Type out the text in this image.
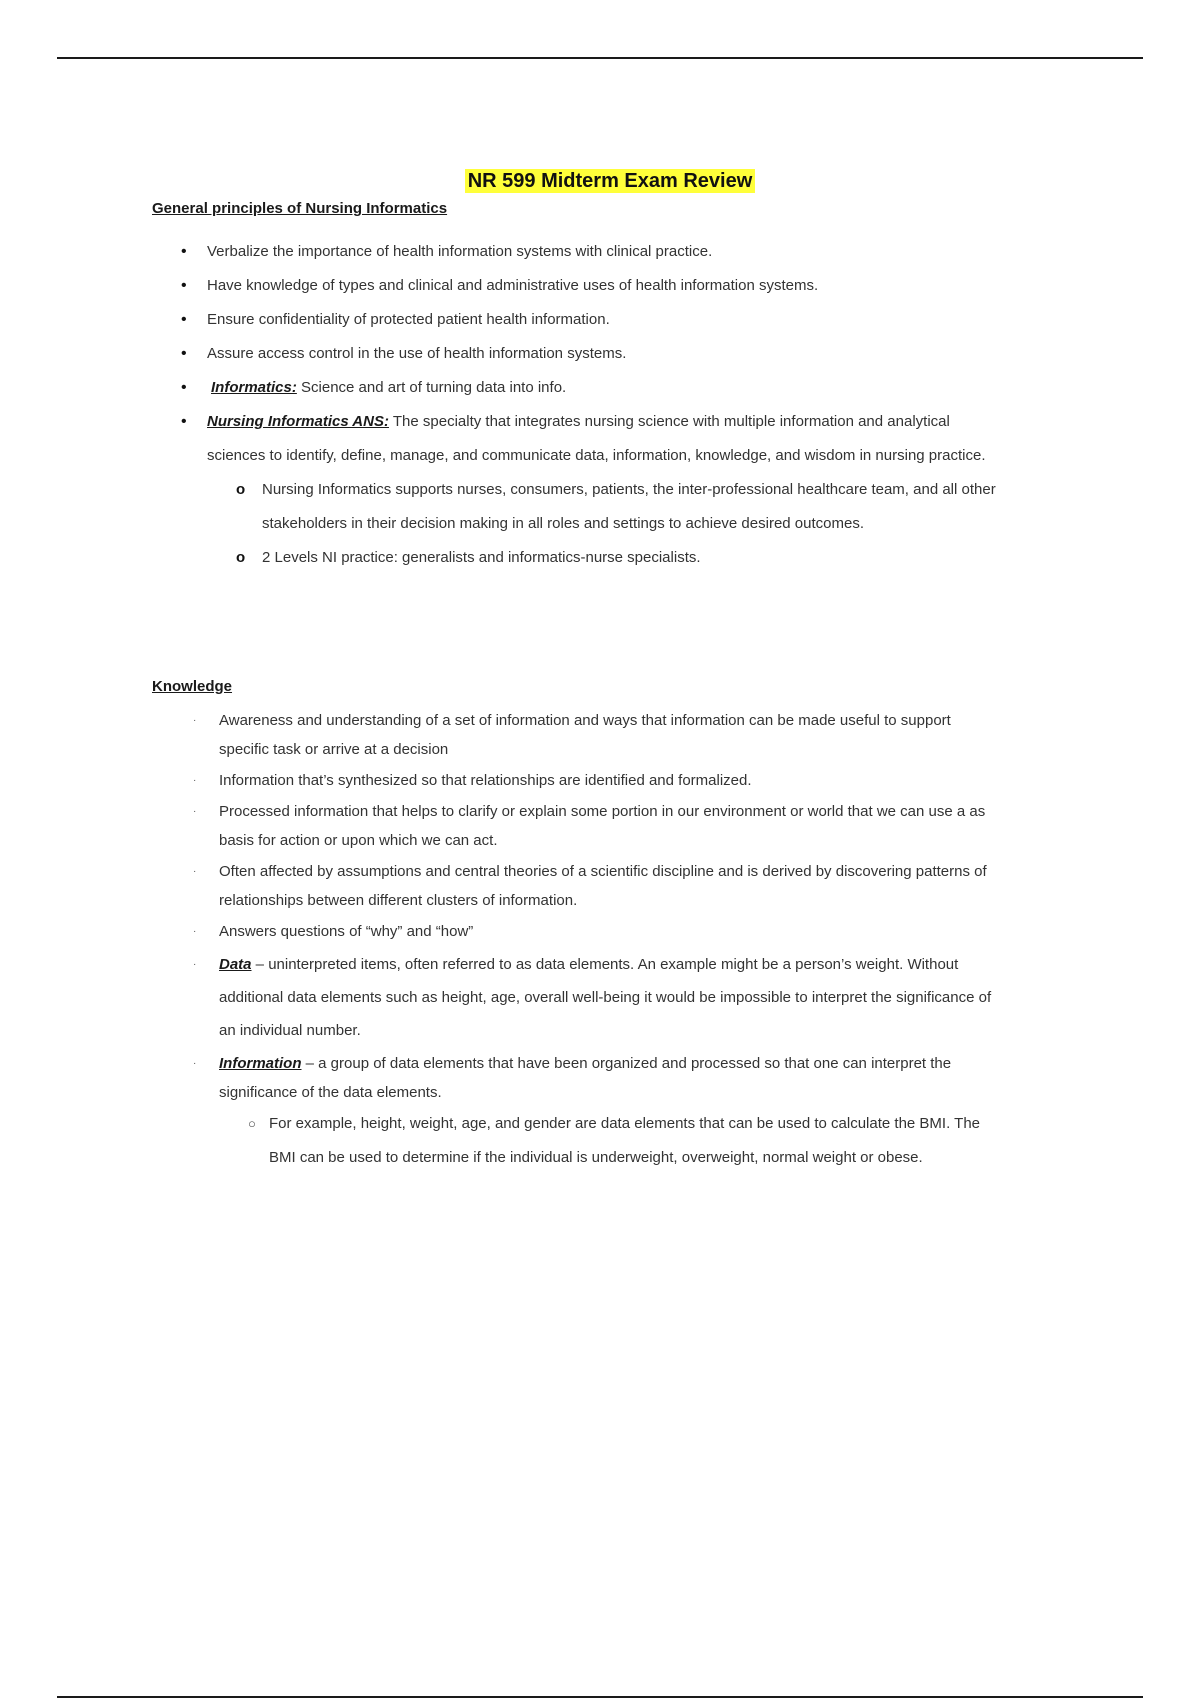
NR 599 Midterm Exam Review
General principles of Nursing Informatics
• Verbalize the importance of health information systems with clinical practice.
• Have knowledge of types and clinical and administrative uses of health information systems.
• Ensure confidentiality of protected patient health information.
• Assure access control in the use of health information systems.
• Informatics: Science and art of turning data into info.
• Nursing Informatics ANS: The specialty that integrates nursing science with multiple information and analytical sciences to identify, define, manage, and communicate data, information, knowledge, and wisdom in nursing practice.
o Nursing Informatics supports nurses, consumers, patients, the inter-professional healthcare team, and all other stakeholders in their decision making in all roles and settings to achieve desired outcomes.
o 2 Levels NI practice: generalists and informatics-nurse specialists.
Knowledge
· Awareness and understanding of a set of information and ways that information can be made useful to support specific task or arrive at a decision
· Information that’s synthesized so that relationships are identified and formalized.
· Processed information that helps to clarify or explain some portion in our environment or world that we can use a as basis for action or upon which we can act.
· Often affected by assumptions and central theories of a scientific discipline and is derived by discovering patterns of relationships between different clusters of information.
· Answers questions of “why” and “how”
· Data – uninterpreted items, often referred to as data elements. An example might be a person’s weight. Without additional data elements such as height, age, overall well-being it would be impossible to interpret the significance of an individual number.
· Information – a group of data elements that have been organized and processed so that one can interpret the significance of the data elements.
○ For example, height, weight, age, and gender are data elements that can be used to calculate the BMI. The BMI can be used to determine if the individual is underweight, overweight, normal weight or obese.
